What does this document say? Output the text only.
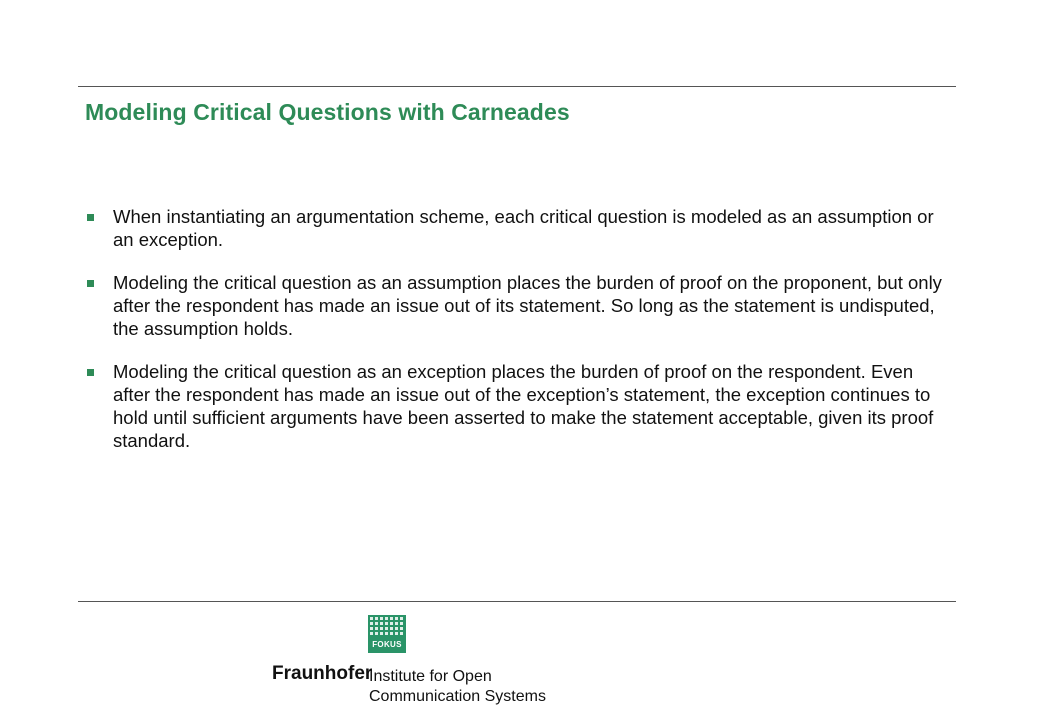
Modeling Critical Questions with Carneades
When instantiating an argumentation scheme, each critical question is modeled as an assumption or an exception.
Modeling the critical question as an assumption places the burden of proof on the proponent, but only after the respondent has made an issue out of its statement. So long as the statement is undisputed, the assumption holds.
Modeling the critical question as an exception places the burden of proof on the respondent. Even after the respondent has made an issue out of the exception’s statement, the exception continues to hold until sufficient arguments have been asserted to make the statement acceptable, given its proof standard.
FOKUS
Fraunhofer
Institute for Open
Communication Systems
